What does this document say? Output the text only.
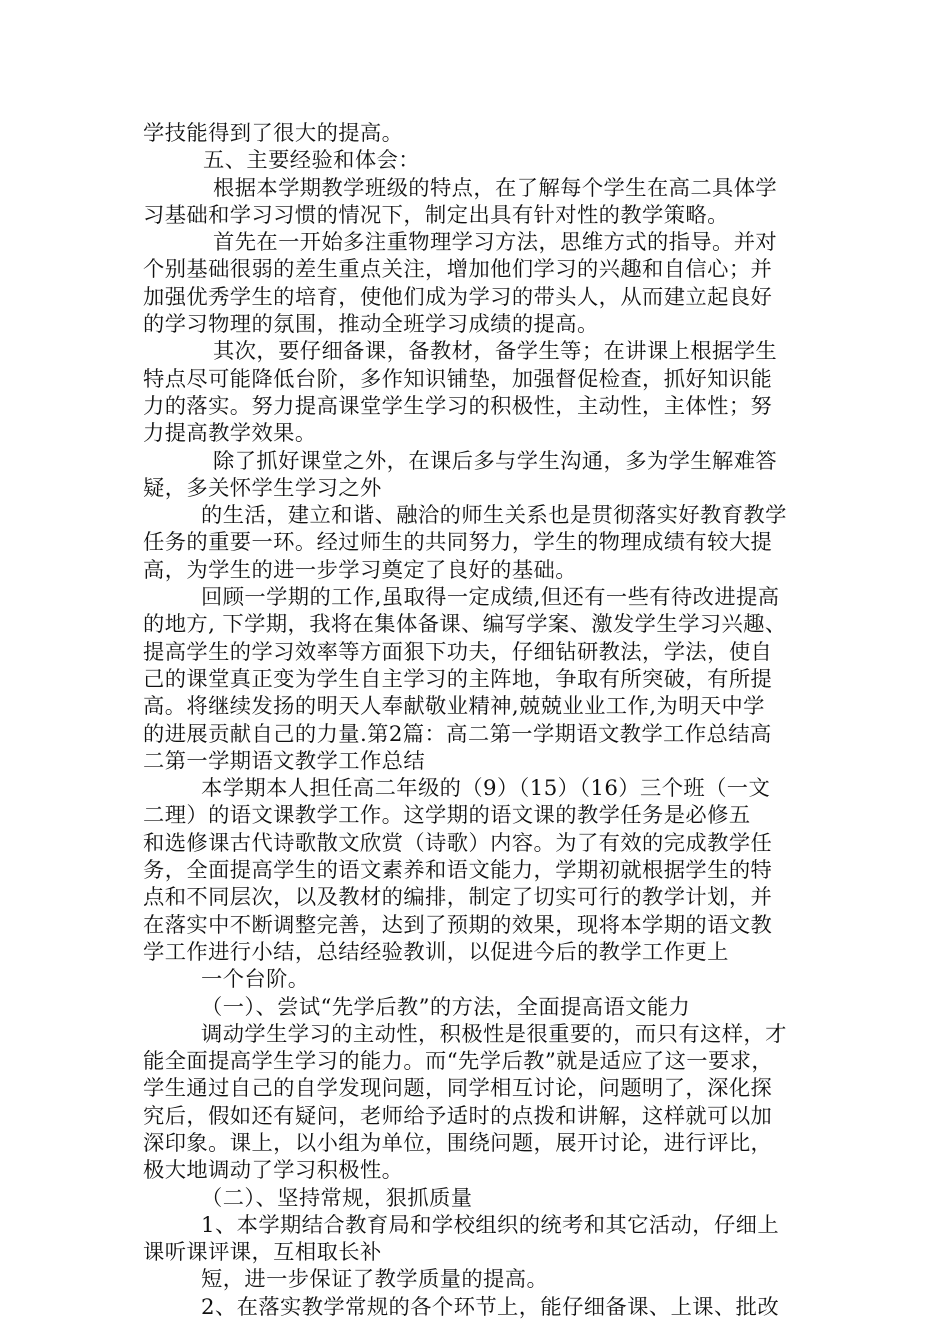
学技能得到了很大的提高。
五、主要经验和体会：
根据本学期教学班级的特点，在了解每个学生在高二具体学
习基础和学习习惯的情况下，制定出具有针对性的教学策略。
首先在一开始多注重物理学习方法，思维方式的指导。并对
个别基础很弱的差生重点关注，增加他们学习的兴趣和自信心；并
加强优秀学生的培育，使他们成为学习的带头人，从而建立起良好
的学习物理的氛围，推动全班学习成绩的提高。
其次，要仔细备课，备教材，备学生等；在讲课上根据学生
特点尽可能降低台阶，多作知识铺垫，加强督促检查，抓好知识能
力的落实。努力提高课堂学生学习的积极性，主动性，主体性；努
力提高教学效果。
除了抓好课堂之外，在课后多与学生沟通，多为学生解难答
疑，多关怀学生学习之外
的生活，建立和谐、融洽的师生关系也是贯彻落实好教育教学
任务的重要一环。经过师生的共同努力，学生的物理成绩有较大提
高，为学生的进一步学习奠定了良好的基础。
回顾一学期的工作,虽取得一定成绩,但还有一些有待改进提高
的地方, 下学期，我将在集体备课、编写学案、激发学生学习兴趣、
提高学生的学习效率等方面狠下功夫，仔细钻研教法，学法，使自
己的课堂真正变为学生自主学习的主阵地，争取有所突破，有所提
高。将继续发扬的明天人奉献敬业精神,兢兢业业工作,为明天中学
的进展贡献自己的力量.第2篇：高二第一学期语文教学工作总结高
二第一学期语文教学工作总结
本学期本人担任高二年级的（9）（15）（16）三个班（一文
二理）的语文课教学工作。这学期的语文课的教学任务是必修五
和选修课古代诗歌散文欣赏（诗歌）内容。为了有效的完成教学任
务，全面提高学生的语文素养和语文能力，学期初就根据学生的特
点和不同层次，以及教材的编排，制定了切实可行的教学计划，并
在落实中不断调整完善，达到了预期的效果，现将本学期的语文教
学工作进行小结，总结经验教训，以促进今后的教学工作更上
一个台阶。
（一）、尝试“先学后教”的方法，全面提高语文能力
调动学生学习的主动性，积极性是很重要的，而只有这样，才
能全面提高学生学习的能力。而“先学后教”就是适应了这一要求，
学生通过自己的自学发现问题，同学相互讨论，问题明了，深化探
究后，假如还有疑问，老师给予适时的点拨和讲解，这样就可以加
深印象。课上，以小组为单位，围绕问题，展开讨论，进行评比，
极大地调动了学习积极性。
（二）、坚持常规，狠抓质量
1、本学期结合教育局和学校组织的统考和其它活动，仔细上
课听课评课，互相取长补
短，进一步保证了教学质量的提高。
2、在落实教学常规的各个环节上，能仔细备课、上课、批改
